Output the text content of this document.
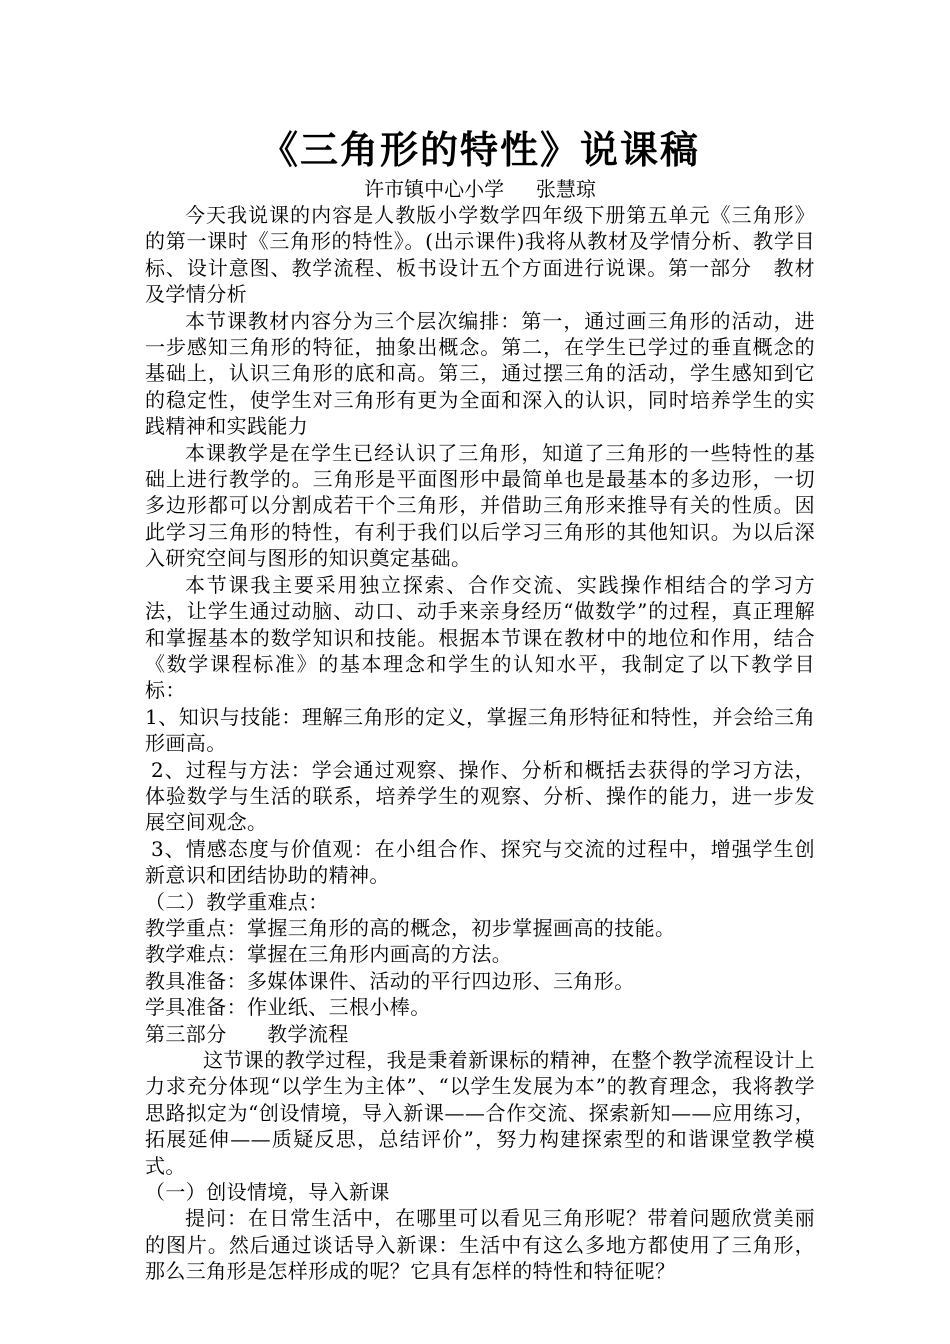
《三角形的特性》说课稿

许市镇中心小学     张慧琼

今天我说课的内容是人教版小学数学四年级下册第五单元《三角形》的第一课时《三角形的特性》。(出示课件)我将从教材及学情分析、教学目标、设计意图、教学流程、板书设计五个方面进行说课。第一部分   教材及学情分析

本节课教材内容分为三个层次编排：第一，通过画三角形的活动，进一步感知三角形的特征，抽象出概念。第二，在学生已学过的垂直概念的基础上，认识三角形的底和高。第三，通过摆三角的活动，学生感知到它的稳定性，使学生对三角形有更为全面和深入的认识，同时培养学生的实践精神和实践能力

本课教学是在学生已经认识了三角形，知道了三角形的一些特性的基础上进行教学的。三角形是平面图形中最简单也是最基本的多边形，一切多边形都可以分割成若干个三角形，并借助三角形来推导有关的性质。因此学习三角形的特性，有利于我们以后学习三角形的其他知识。为以后深入研究空间与图形的知识奠定基础。

本节课我主要采用独立探索、合作交流、实践操作相结合的学习方法，让学生通过动脑、动口、动手来亲身经历“做数学”的过程，真正理解和掌握基本的数学知识和技能。根据本节课在教材中的地位和作用，结合《数学课程标准》的基本理念和学生的认知水平，我制定了以下教学目标：

1、知识与技能：理解三角形的定义，掌握三角形特征和特性，并会给三角形画高。

2、过程与方法：学会通过观察、操作、分析和概括去获得的学习方法，体验数学与生活的联系，培养学生的观察、分析、操作的能力，进一步发展空间观念。

3、情感态度与价值观：在小组合作、探究与交流的过程中，增强学生创新意识和团结协助的精神。

（二）教学重难点：

教学重点：掌握三角形的高的概念，初步掌握画高的技能。

教学难点：掌握在三角形内画高的方法。

教具准备：多媒体课件、活动的平行四边形、三角形。

学具准备：作业纸、三根小棒。

第三部分      教学流程

这节课的教学过程，我是秉着新课标的精神，在整个教学流程设计上力求充分体现“以学生为主体”、“以学生发展为本”的教育理念，我将教学思路拟定为“创设情境，导入新课——合作交流、探索新知——应用练习，拓展延伸——质疑反思，总结评价”，努力构建探索型的和谐课堂教学模式。

（一）创设情境，导入新课

提问：在日常生活中，在哪里可以看见三角形呢？带着问题欣赏美丽的图片。然后通过谈话导入新课：生活中有这么多地方都使用了三角形，那么三角形是怎样形成的呢？它具有怎样的特性和特征呢？
